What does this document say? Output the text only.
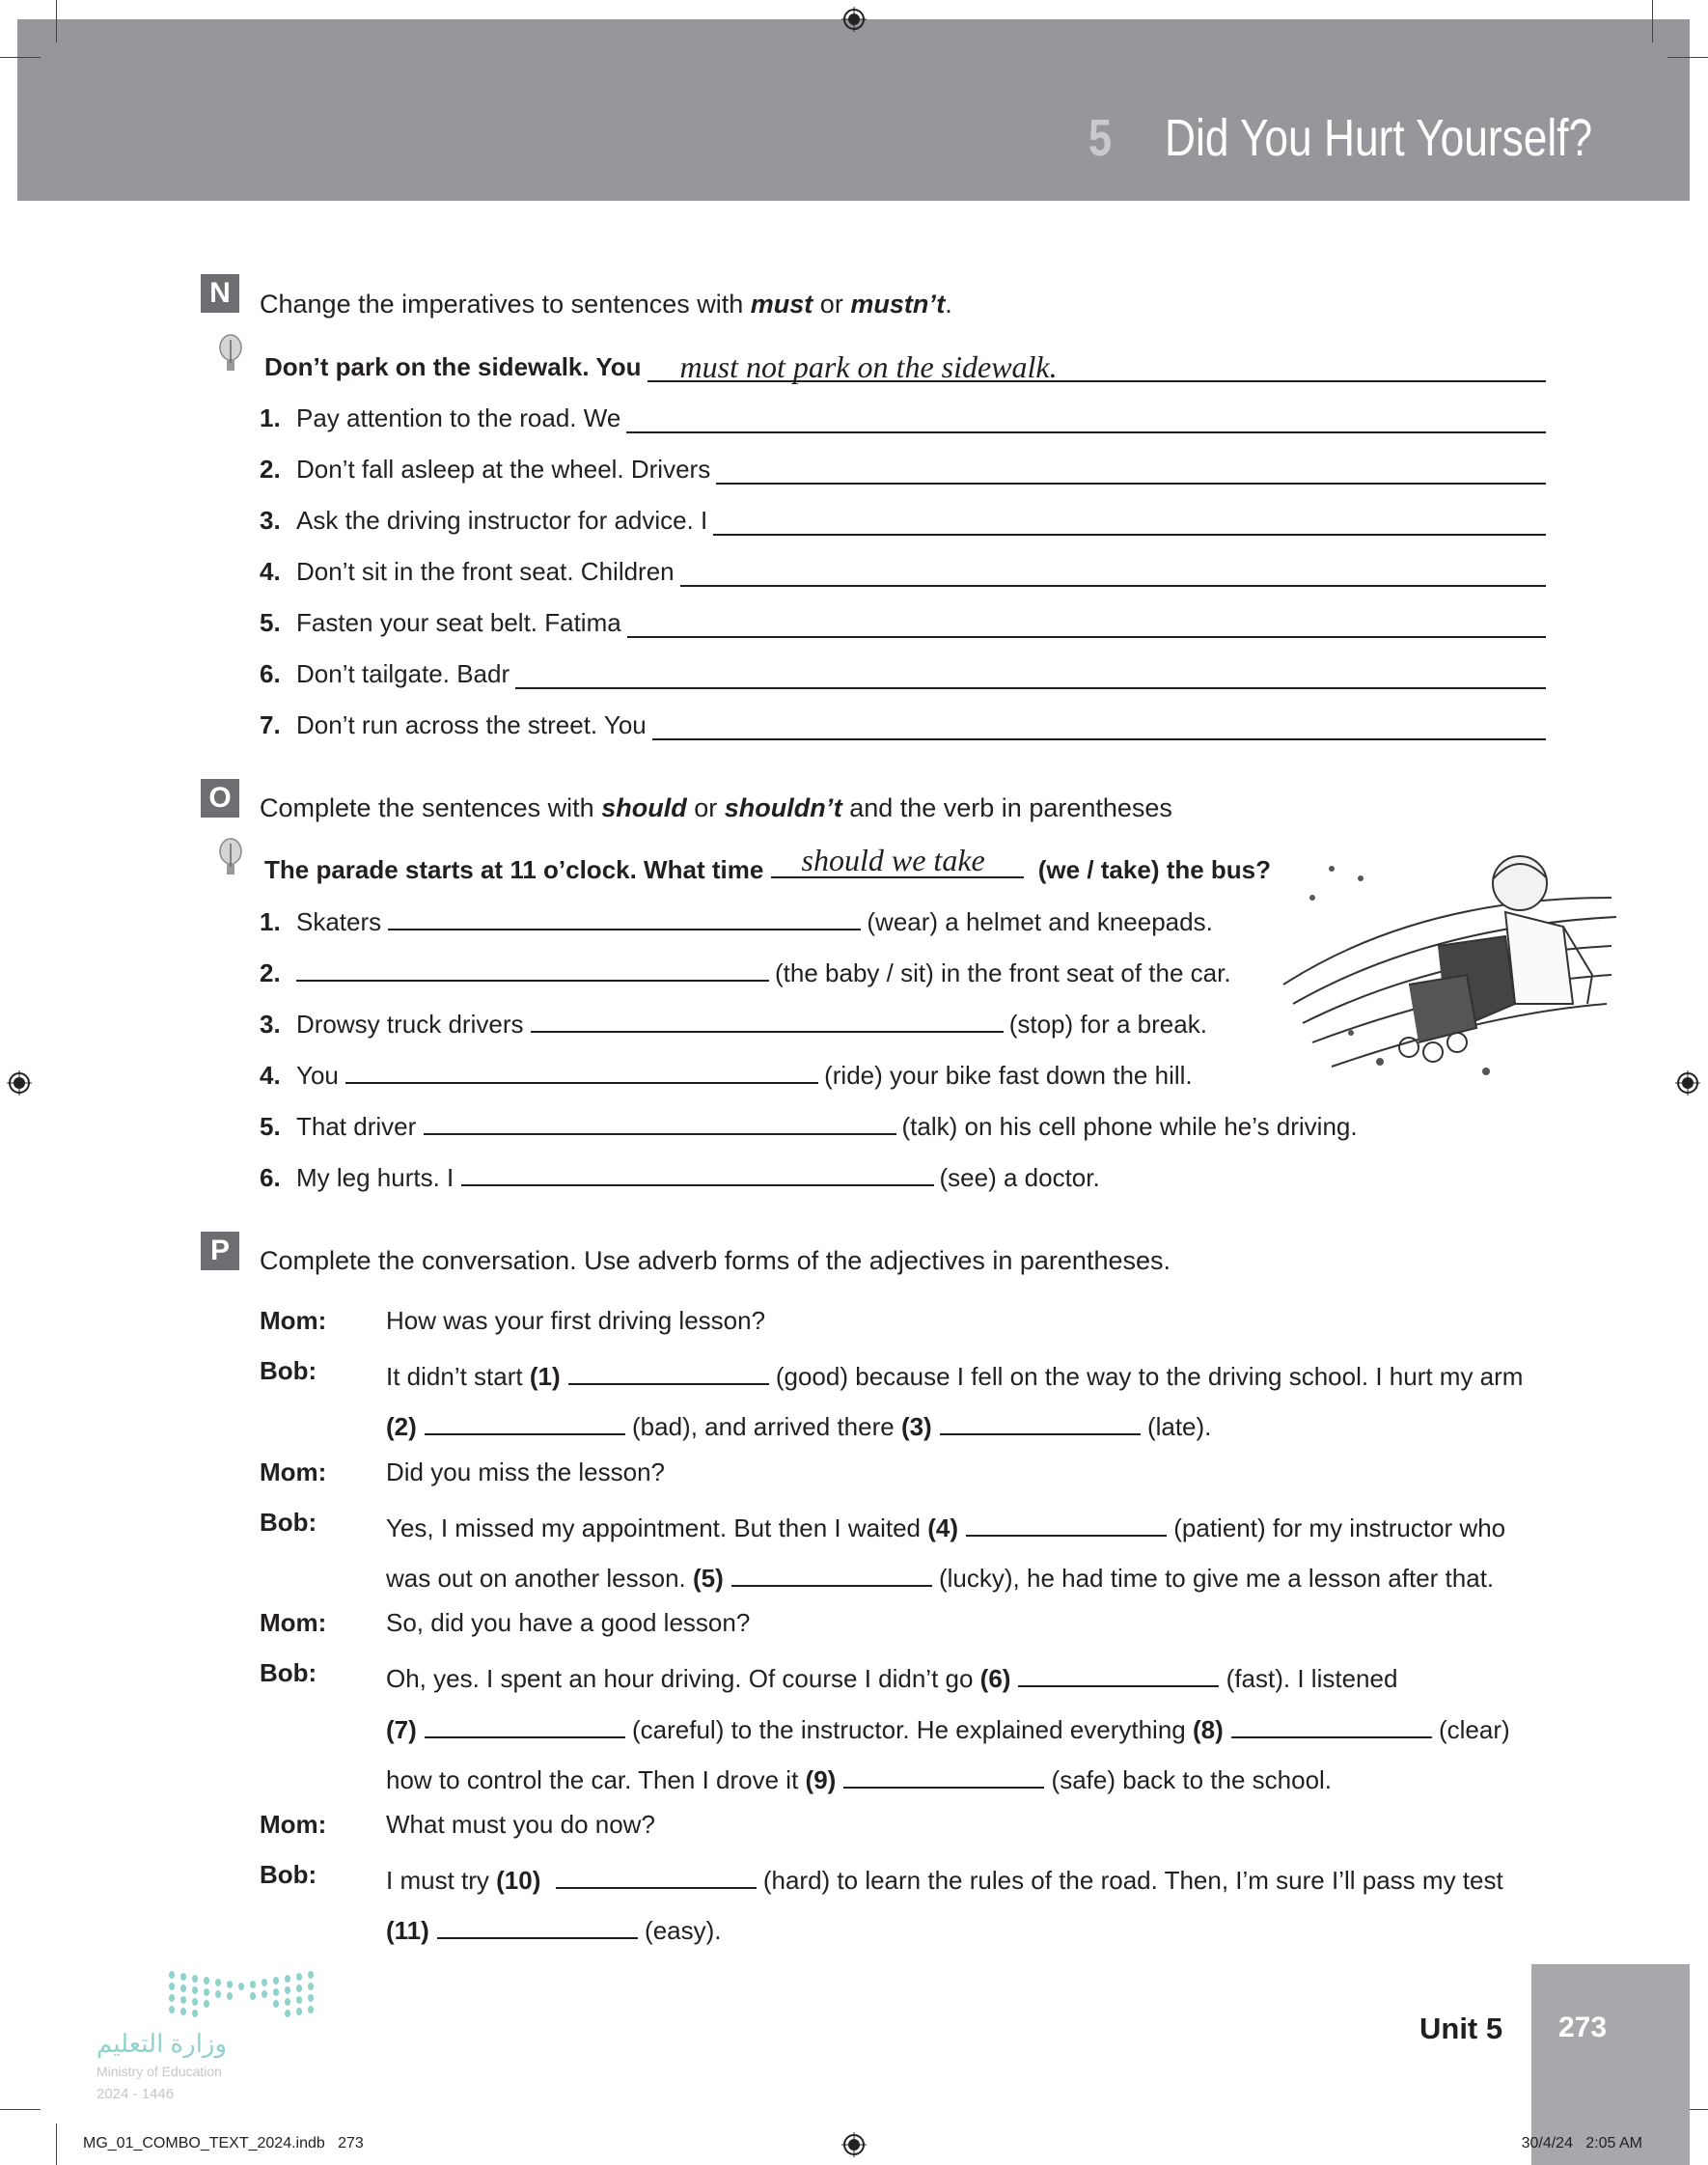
5 Did You Hurt Yourself?
N	Change the imperatives to sentences with must or mustn’t.
Don’t park on the sidewalk. You must not park on the sidewalk.
1. Pay attention to the road. We
2. Don’t fall asleep at the wheel. Drivers
3. Ask the driving instructor for advice. I
4. Don’t sit in the front seat. Children
5. Fasten your seat belt. Fatima
6. Don’t tailgate. Badr
7. Don’t run across the street. You
O	Complete the sentences with should or shouldn’t and the verb in parentheses
The parade starts at 11 o’clock. What time should we take (we / take) the bus?
1. Skaters	(wear) a helmet and kneepads.
2.	(the baby / sit) in the front seat of the car.
3. Drowsy truck drivers	(stop) for a break.
4. You	(ride) your bike fast down the hill.
5. That driver	(talk) on his cell phone while he’s driving.
6. My leg hurts. I	(see) a doctor.
P	Complete the conversation. Use adverb forms of the adjectives in parentheses.
Mom: How was your first driving lesson?
Bob:	It didn’t start (1)	(good) because I fell on the way to the driving school. I hurt my arm
(2)	(bad), and arrived there (3)	(late).
Mom: Did you miss the lesson?
Bob:	Yes, I missed my appointment. But then I waited (4)	(patient) for my instructor who
was out on another lesson. (5)	(lucky), he had time to give me a lesson after that.
Mom: So, did you have a good lesson?
Bob:	Oh, yes. I spent an hour driving. Of course I didn’t go (6)	(fast). I listened
(7)	(careful) to the instructor. He explained everything (8)	(clear)
how to control the car. Then I drove it (9)	(safe) back to the school.
Mom: What must you do now?
Bob:	I must try (10)	(hard) to learn the rules of the road. Then, I’m sure I’ll pass my test
(11)	(easy).
وزارة التعليم
Ministry of Education
2024 - 1446
273
Unit 5
MG_01_COMBO_TEXT_2024.indb   273	30/4/24   2:05 AM
